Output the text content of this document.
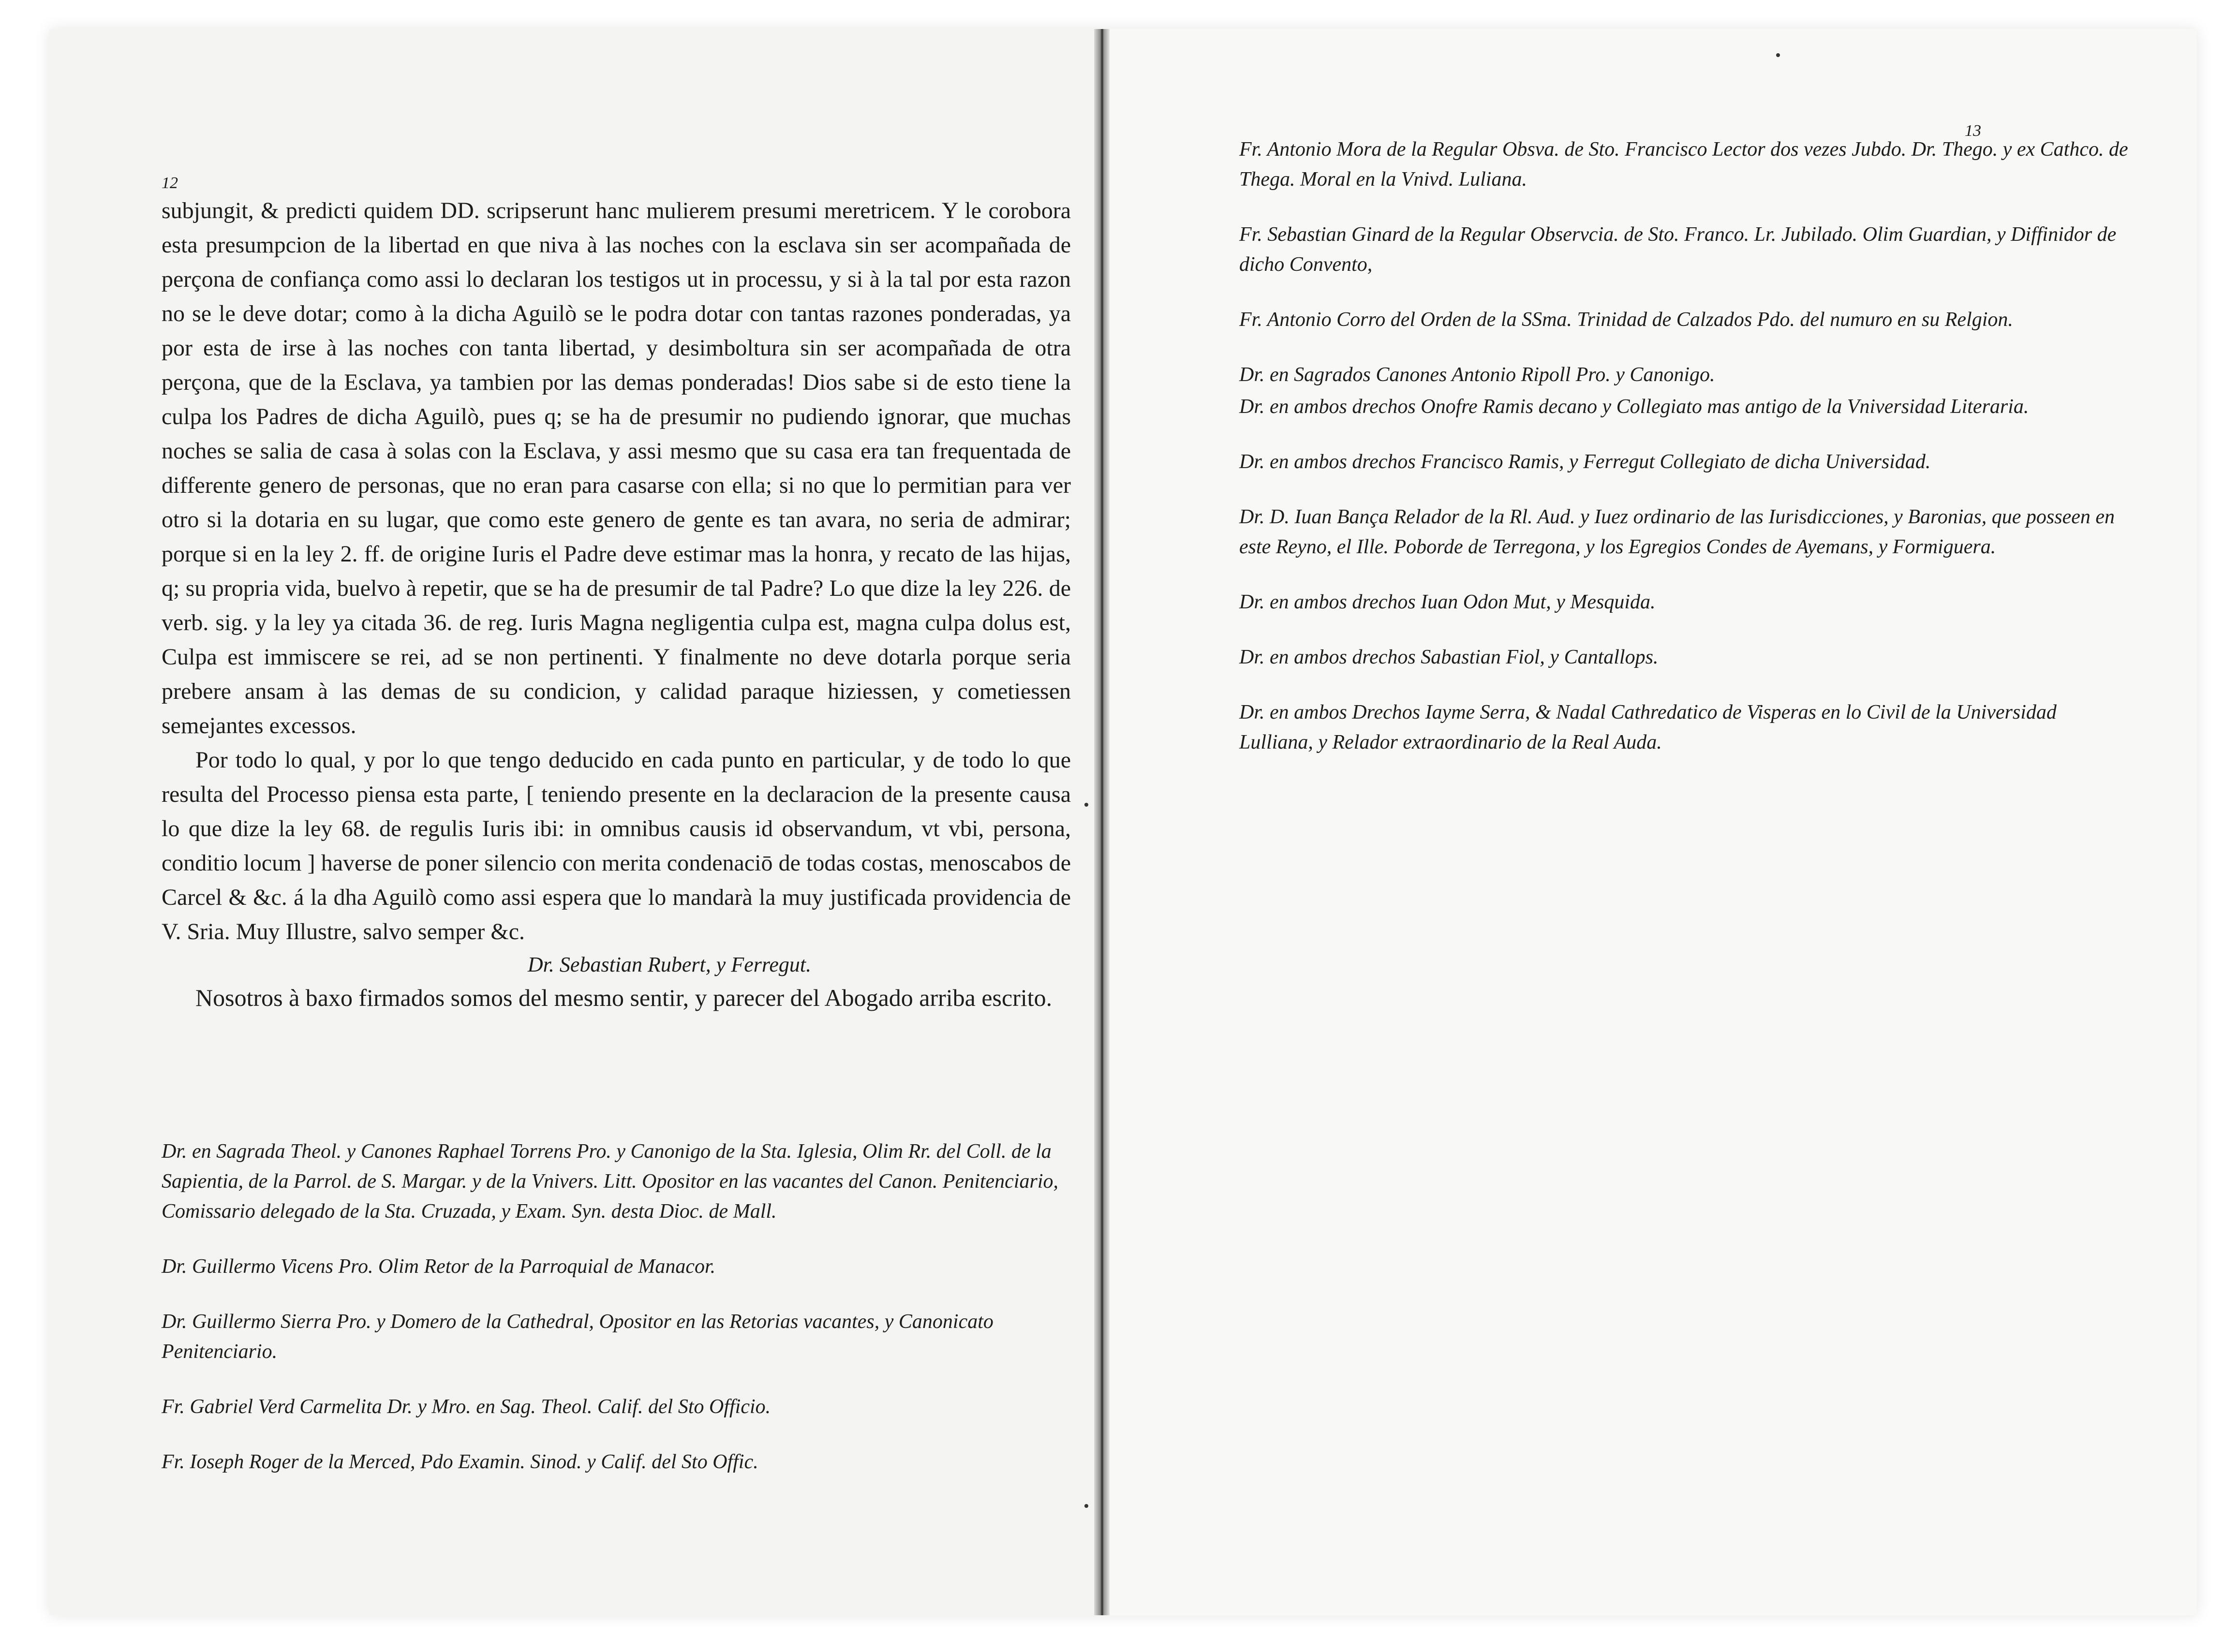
12

subjungit, & predicti quidem DD. scripserunt hanc mulierem presumi meretricem. Y le corobora esta presumpcion de la libertad en que niva à las noches con la esclava sin ser acompañada de perçona de confiança como assi lo declaran los testigos ut in processu, y si à la tal por esta razon no se le deve dotar; como à la dicha Aguilò se le podra dotar con tantas razones ponderadas, ya por esta de irse à las noches con tanta libertad, y desimboltura sin ser acompañada de otra perçona, que de la Esclava, ya tambien por las demas ponderadas! Dios sabe si de esto tiene la culpa los Padres de dicha Aguilò, pues q; se ha de presumir no pudiendo ignorar, que muchas noches se salia de casa à solas con la Esclava, y assi mesmo que su casa era tan frequentada de differente genero de personas, que no eran para casarse con ella; si no que lo permitian para ver otro si la dotaria en su lugar, que como este genero de gente es tan avara, no seria de admirar; porque si en la ley 2. ff. de origine Iuris el Padre deve estimar mas la honra, y recato de las hijas, q; su propria vida, buelvo à repetir, que se ha de presumir de tal Padre? Lo que dize la ley 226. de verb. sig. y la ley ya citada 36. de reg. Iuris Magna negligentia culpa est, magna culpa dolus est, Culpa est immiscere se rei, ad se non pertinenti. Y finalmente no deve dotarla porque seria prebere ansam à las demas de su condicion, y calidad paraque hiziessen, y cometiessen semejantes excessos.

Por todo lo qual, y por lo que tengo deducido en cada punto en particular, y de todo lo que resulta del Processo piensa esta parte, [ teniendo presente en la declaracion de la presente causa lo que dize la ley 68. de regulis Iuris ibi: in omnibus causis id observandum, vt vbi, persona, conditio locum ] haverse de poner silencio con merita condenaciō de todas costas, menoscabos de Carcel & &c. á la dha Aguilò como assi espera que lo mandarà la muy justificada providencia de V. Sria. Muy Illustre, salvo semper &c.

Dr. Sebastian Rubert, y Ferregut.

Nosotros à baxo firmados somos del mesmo sentir, y parecer del Abogado arriba escrito.

Dr. en Sagrada Theol. y Canones Raphael Torrens Pro. y Canonigo de la Sta. Iglesia, Olim Rr. del Coll. de la Sapientia, de la Parrol. de S. Margar. y de la Vnivers. Litt. Opositor en las vacantes del Canon. Penitenciario, Comissario delegado de la Sta. Cruzada, y Exam. Syn. desta Dioc. de Mall.

Dr. Guillermo Vicens Pro. Olim Retor de la Parroquial de Manacor.

Dr. Guillermo Sierra Pro. y Domero de la Cathedral, Opositor en las Retorias vacantes, y Canonicato Penitenciario.

Fr. Gabriel Verd Carmelita Dr. y Mro. en Sag. Theol. Calif. del Sto Officio.

Fr. Ioseph Roger de la Merced, Pdo Examin. Sinod. y Calif. del Sto Offic.

13

Fr. Antonio Mora de la Regular Obsva. de Sto. Francisco Lector dos vezes Jubdo. Dr. Thego. y ex Cathco. de Thega. Moral en la Vnivd. Luliana.

Fr. Sebastian Ginard de la Regular Observcia. de Sto. Franco. Lr. Jubilado. Olim Guardian, y Diffinidor de dicho Convento,

Fr. Antonio Corro del Orden de la SSma. Trinidad de Calzados Pdo. del numuro en su Relgion.

Dr. en Sagrados Canones Antonio Ripoll Pro. y Canonigo.

Dr. en ambos drechos Onofre Ramis decano y Collegiato mas antigo de la Vniversidad Literaria.

Dr. en ambos drechos Francisco Ramis, y Ferregut Collegiato de dicha Universidad.

Dr. D. Iuan Bança Relador de la Rl. Aud. y Iuez ordinario de las Iurisdicciones, y Baronias, que posseen en este Reyno, el Ille. Poborde de Terregona, y los Egregios Condes de Ayemans, y Formiguera.

Dr. en ambos drechos Iuan Odon Mut, y Mesquida.

Dr. en ambos drechos Sabastian Fiol, y Cantallops.

Dr. en ambos Drechos Iayme Serra, & Nadal Cathredatico de Visperas en lo Civil de la Universidad Lulliana, y Relador extraordinario de la Real Auda.
